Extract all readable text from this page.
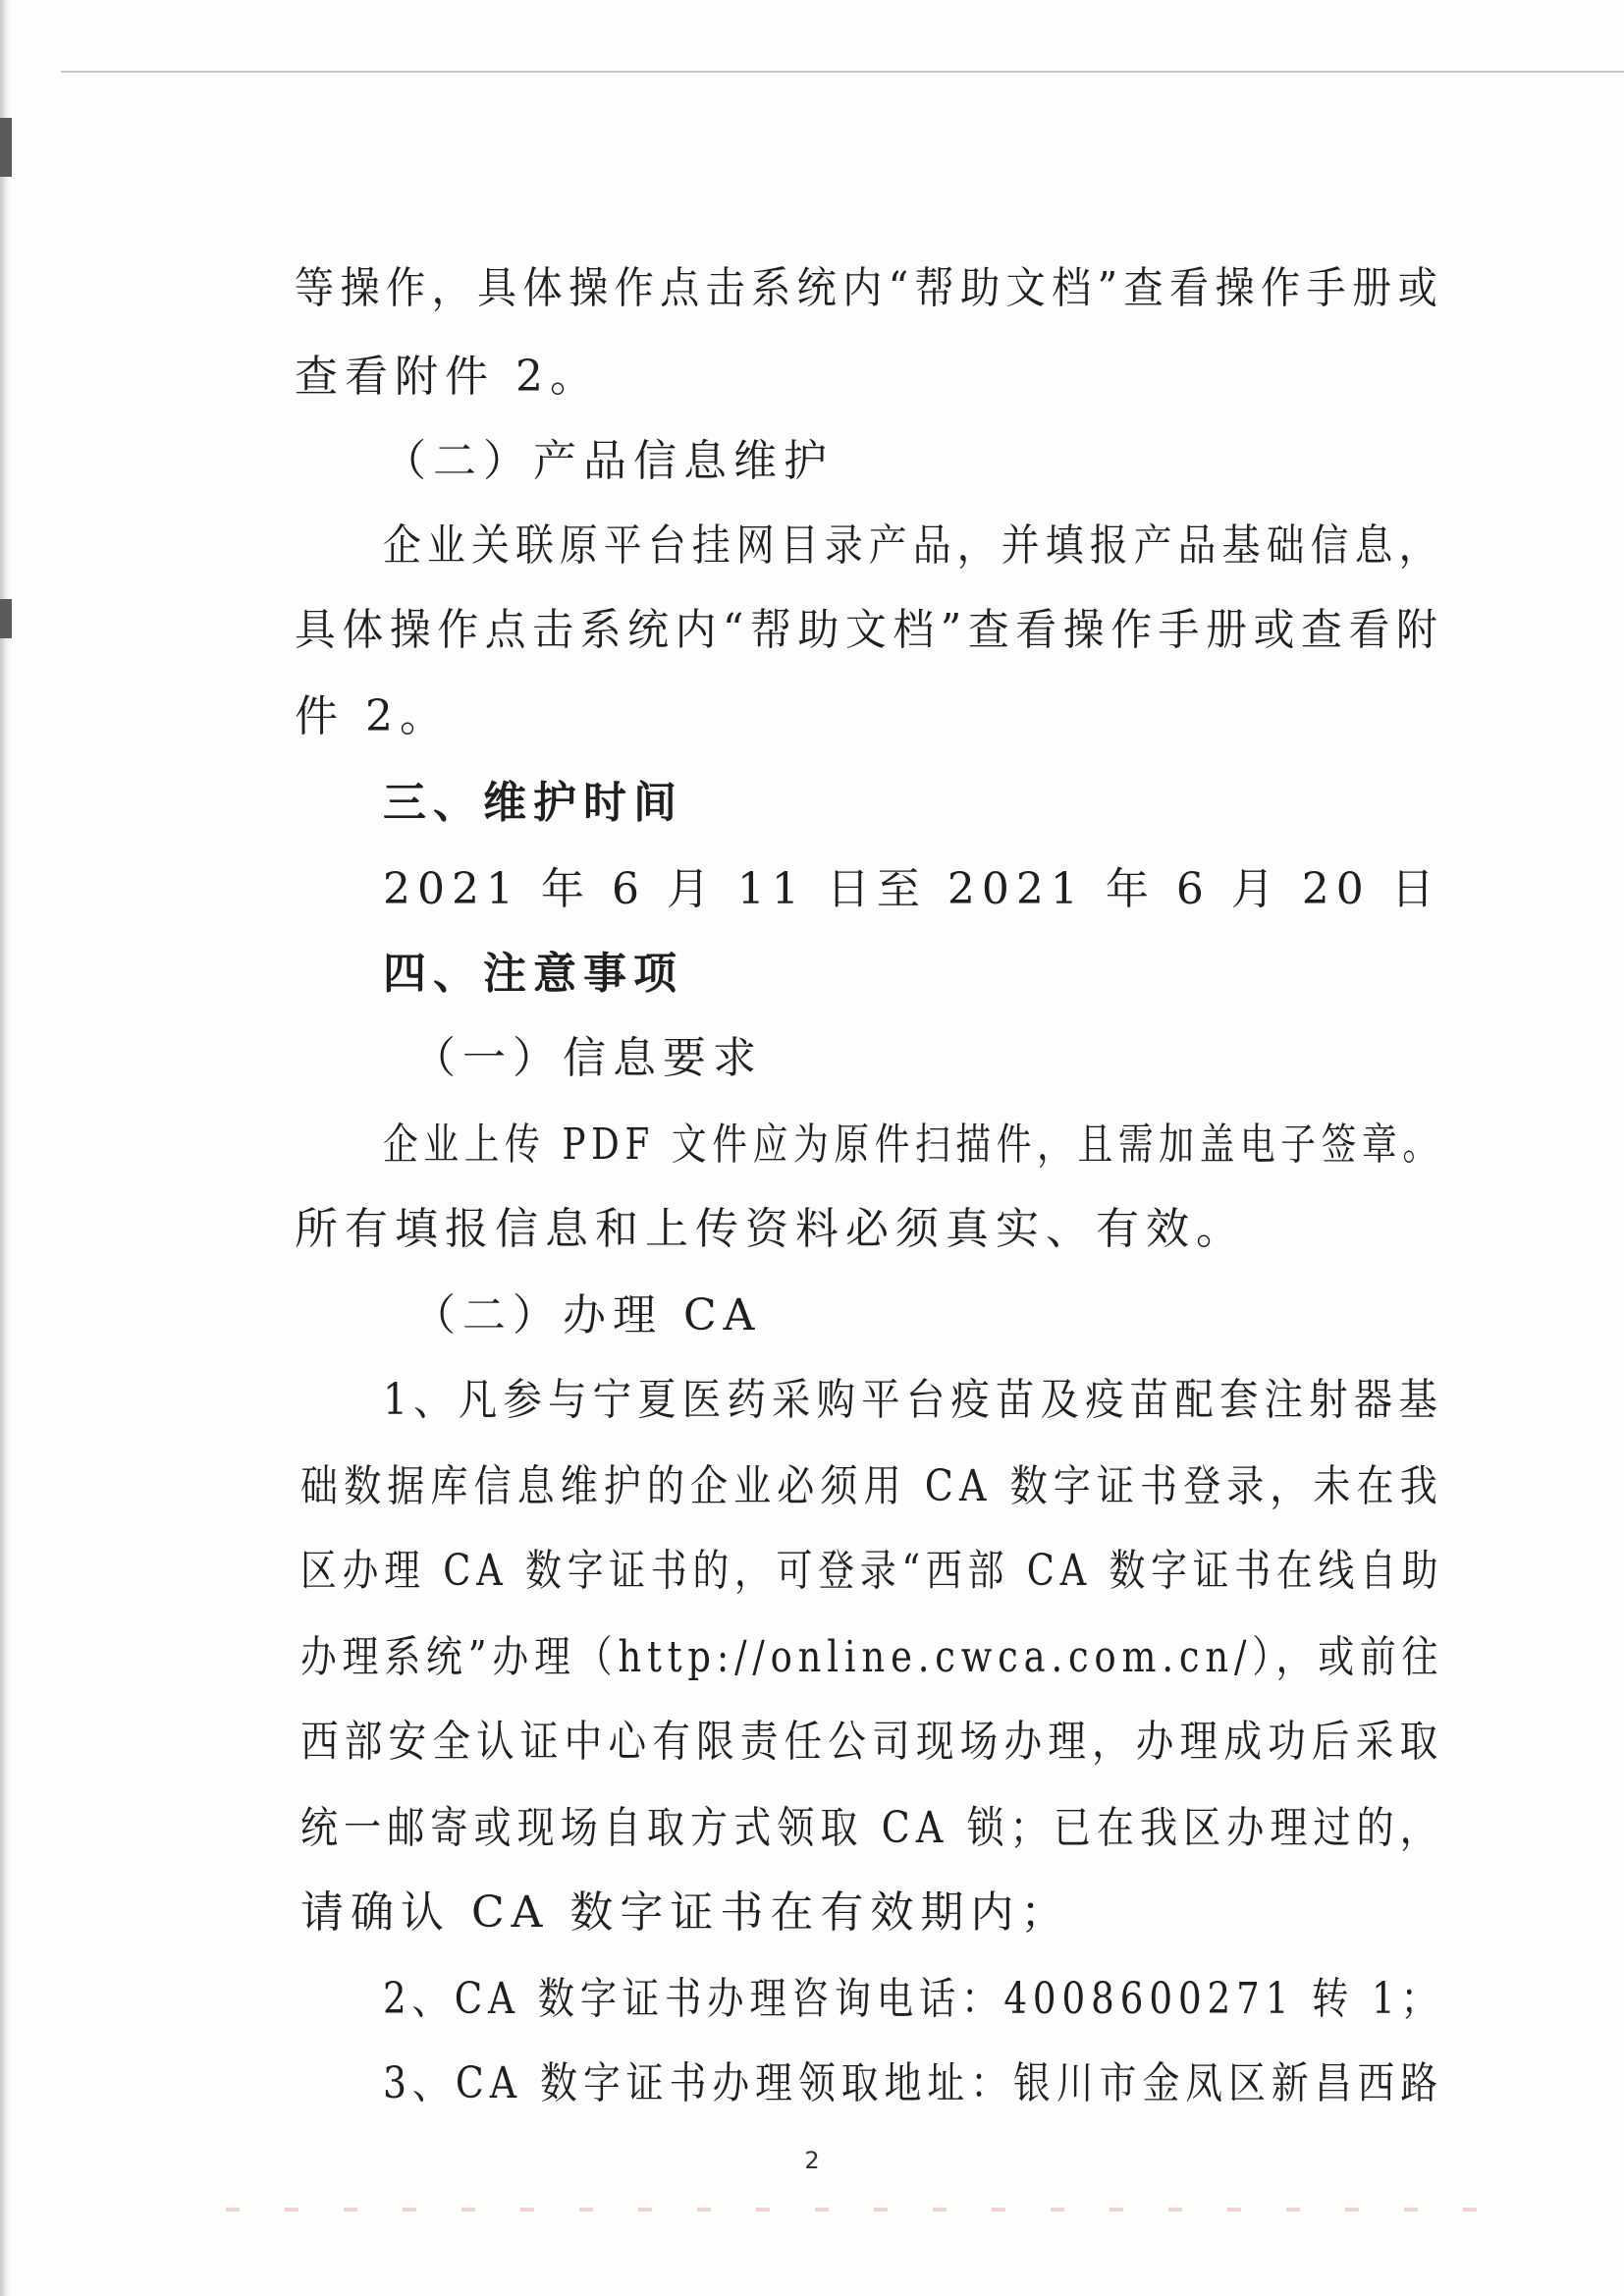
等操作，具体操作点击系统内“帮助文档”查看操作手册或
查看附件 2。
（二）产品信息维护
企业关联原平台挂网目录产品，并填报产品基础信息，
具体操作点击系统内“帮助文档”查看操作手册或查看附
件 2。
三、维护时间
2021 年 6 月 11 日至 2021 年 6 月 20 日
四、注意事项
（一）信息要求
企业上传 PDF 文件应为原件扫描件，且需加盖电子签章。
所有填报信息和上传资料必须真实、有效。
（二）办理 CA
1、凡参与宁夏医药采购平台疫苗及疫苗配套注射器基
础数据库信息维护的企业必须用 CA 数字证书登录，未在我
区办理 CA 数字证书的，可登录“西部 CA 数字证书在线自助
办理系统”办理（http://online.cwca.com.cn/），或前往
西部安全认证中心有限责任公司现场办理，办理成功后采取
统一邮寄或现场自取方式领取 CA 锁；已在我区办理过的，
请确认 CA 数字证书在有效期内；
2、CA 数字证书办理咨询电话：4008600271 转 1；
3、CA 数字证书办理领取地址：银川市金凤区新昌西路
2
